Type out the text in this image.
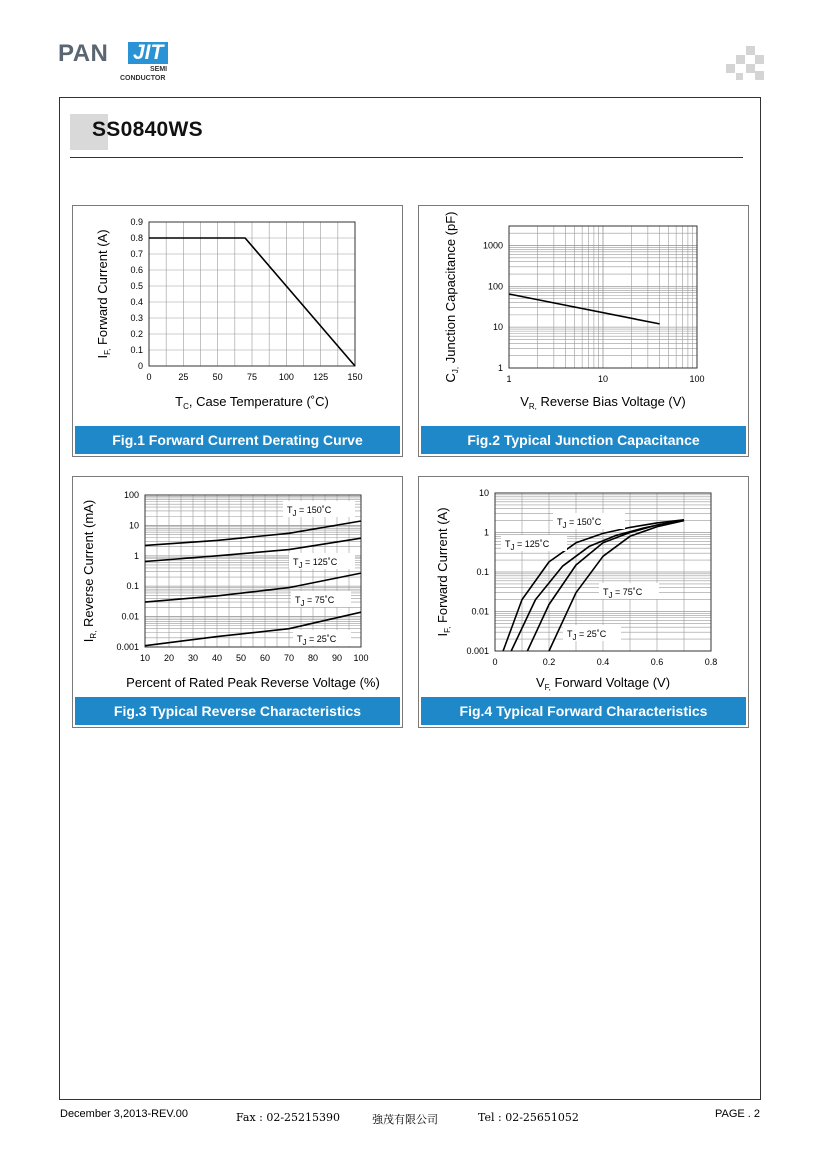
PAN JIT
SEMI
CONDUCTOR
SS0840WS
0	25	50	75 100 125 150
0
0.1
0.2
0.3
0.4
0.5
0.6
0.7
0.8
0.9
$T_C$, Case Temperature (˚C)
$I_{F,}$ Forward Current (A)
Fig.1 Forward Current Derating Curve
1	10	100
1
10
100
1000
$V_{R,}$ Reverse Bias Voltage (V)
$C_{J,}$ Junction Capacitance (pF)
Fig.2 Typical Junction Capacitance
10 20 30 40 50 60 70 80 90 100
0.001
0.01
0.1
1
10
100
Percent of Rated Peak Reverse Voltage (%)
$I_{R,}$ Reverse Current (mA)	TJ = 150˚C
TJ = 125˚C
TJ = 75˚C
TJ = 25˚C
Fig.3 Typical Reverse Characteristics
0	0.2	0.4	0.6	0.8
0.001
0.01
0.1
1
10
$V_{F,}$ Forward Voltage (V)
$I_{F,}$ Forward Current (A)	TJ = 150˚C
TJ = 125˚C
TJ = 75˚C
TJ = 25˚C
Fig.4 Typical Forward Characteristics
December 3,2013-REV.00	Fax : 02-25215390	強茂有限公司	Tel : 02-25651052	PAGE . 2
